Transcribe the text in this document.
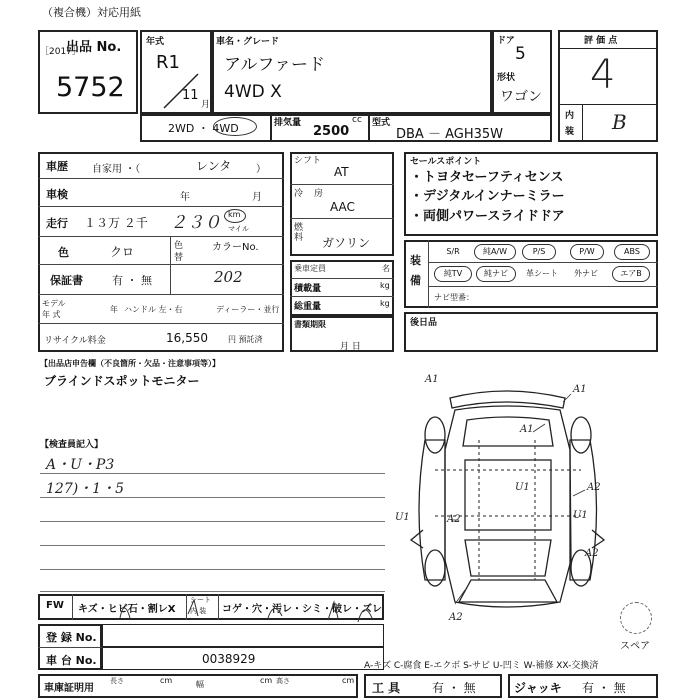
（複合機）対応用紙
出品 No.
［2017］
5752
年式
R1
11
月
車名・グレード
アルファード
4WD X
ドア
5
形状
ワゴン
評 価 点
4
内
装 B
2WD ・ 4WD	排気量	cc
2500
型式
DBA － AGH35W
車歴 自家用 ・（	レンタ ）
車検	年	月
走行 １３万 ２千 ２３０ km
マイル
色	クロ	色
替
カラーNo.
202
保証書	有 ・ 無
モデル
年 式
年 ハンドル 左・右	ディーラー・並行
リサイクル料金	16,550	円 預託済
シフト
AT
冷 房
AAC
燃
料 ガソリン
乗車定員	名
積載量	kg
総重量	kg
書類期限
月 日
セールスポイント
・トヨタセーフティセンス
・デジタルインナーミラー
・両側パワースライドドア
装
備
S/R	純A/W	P/S	P/W	ABS
純TV	純ナビ	革シート	外ナビ	エアB
ナビ型番：
後日品
【出品店申告欄（不良箇所・欠品・注意事項等）】
ブラインドスポットモニター
【検査員記入】
A・U・P3
127)・1・5
A1
A1
A1
A2
U1
U1	A2	U1
A2
A2
スペア
FW キズ・ヒビ石・割レX
シート
内 装 コゲ・穴・汚レ・シミ・破レ・ズレ
登 録 No.
車 台 No.	0038929	A-キズ C-腐食 E-エクボ S-サビ U-凹ミ W-補修 XX-交換済
車庫証明用
長さ	cm	幅	cm 高さ	cm
工 具	有 ・ 無	ジャッキ 有 ・ 無
